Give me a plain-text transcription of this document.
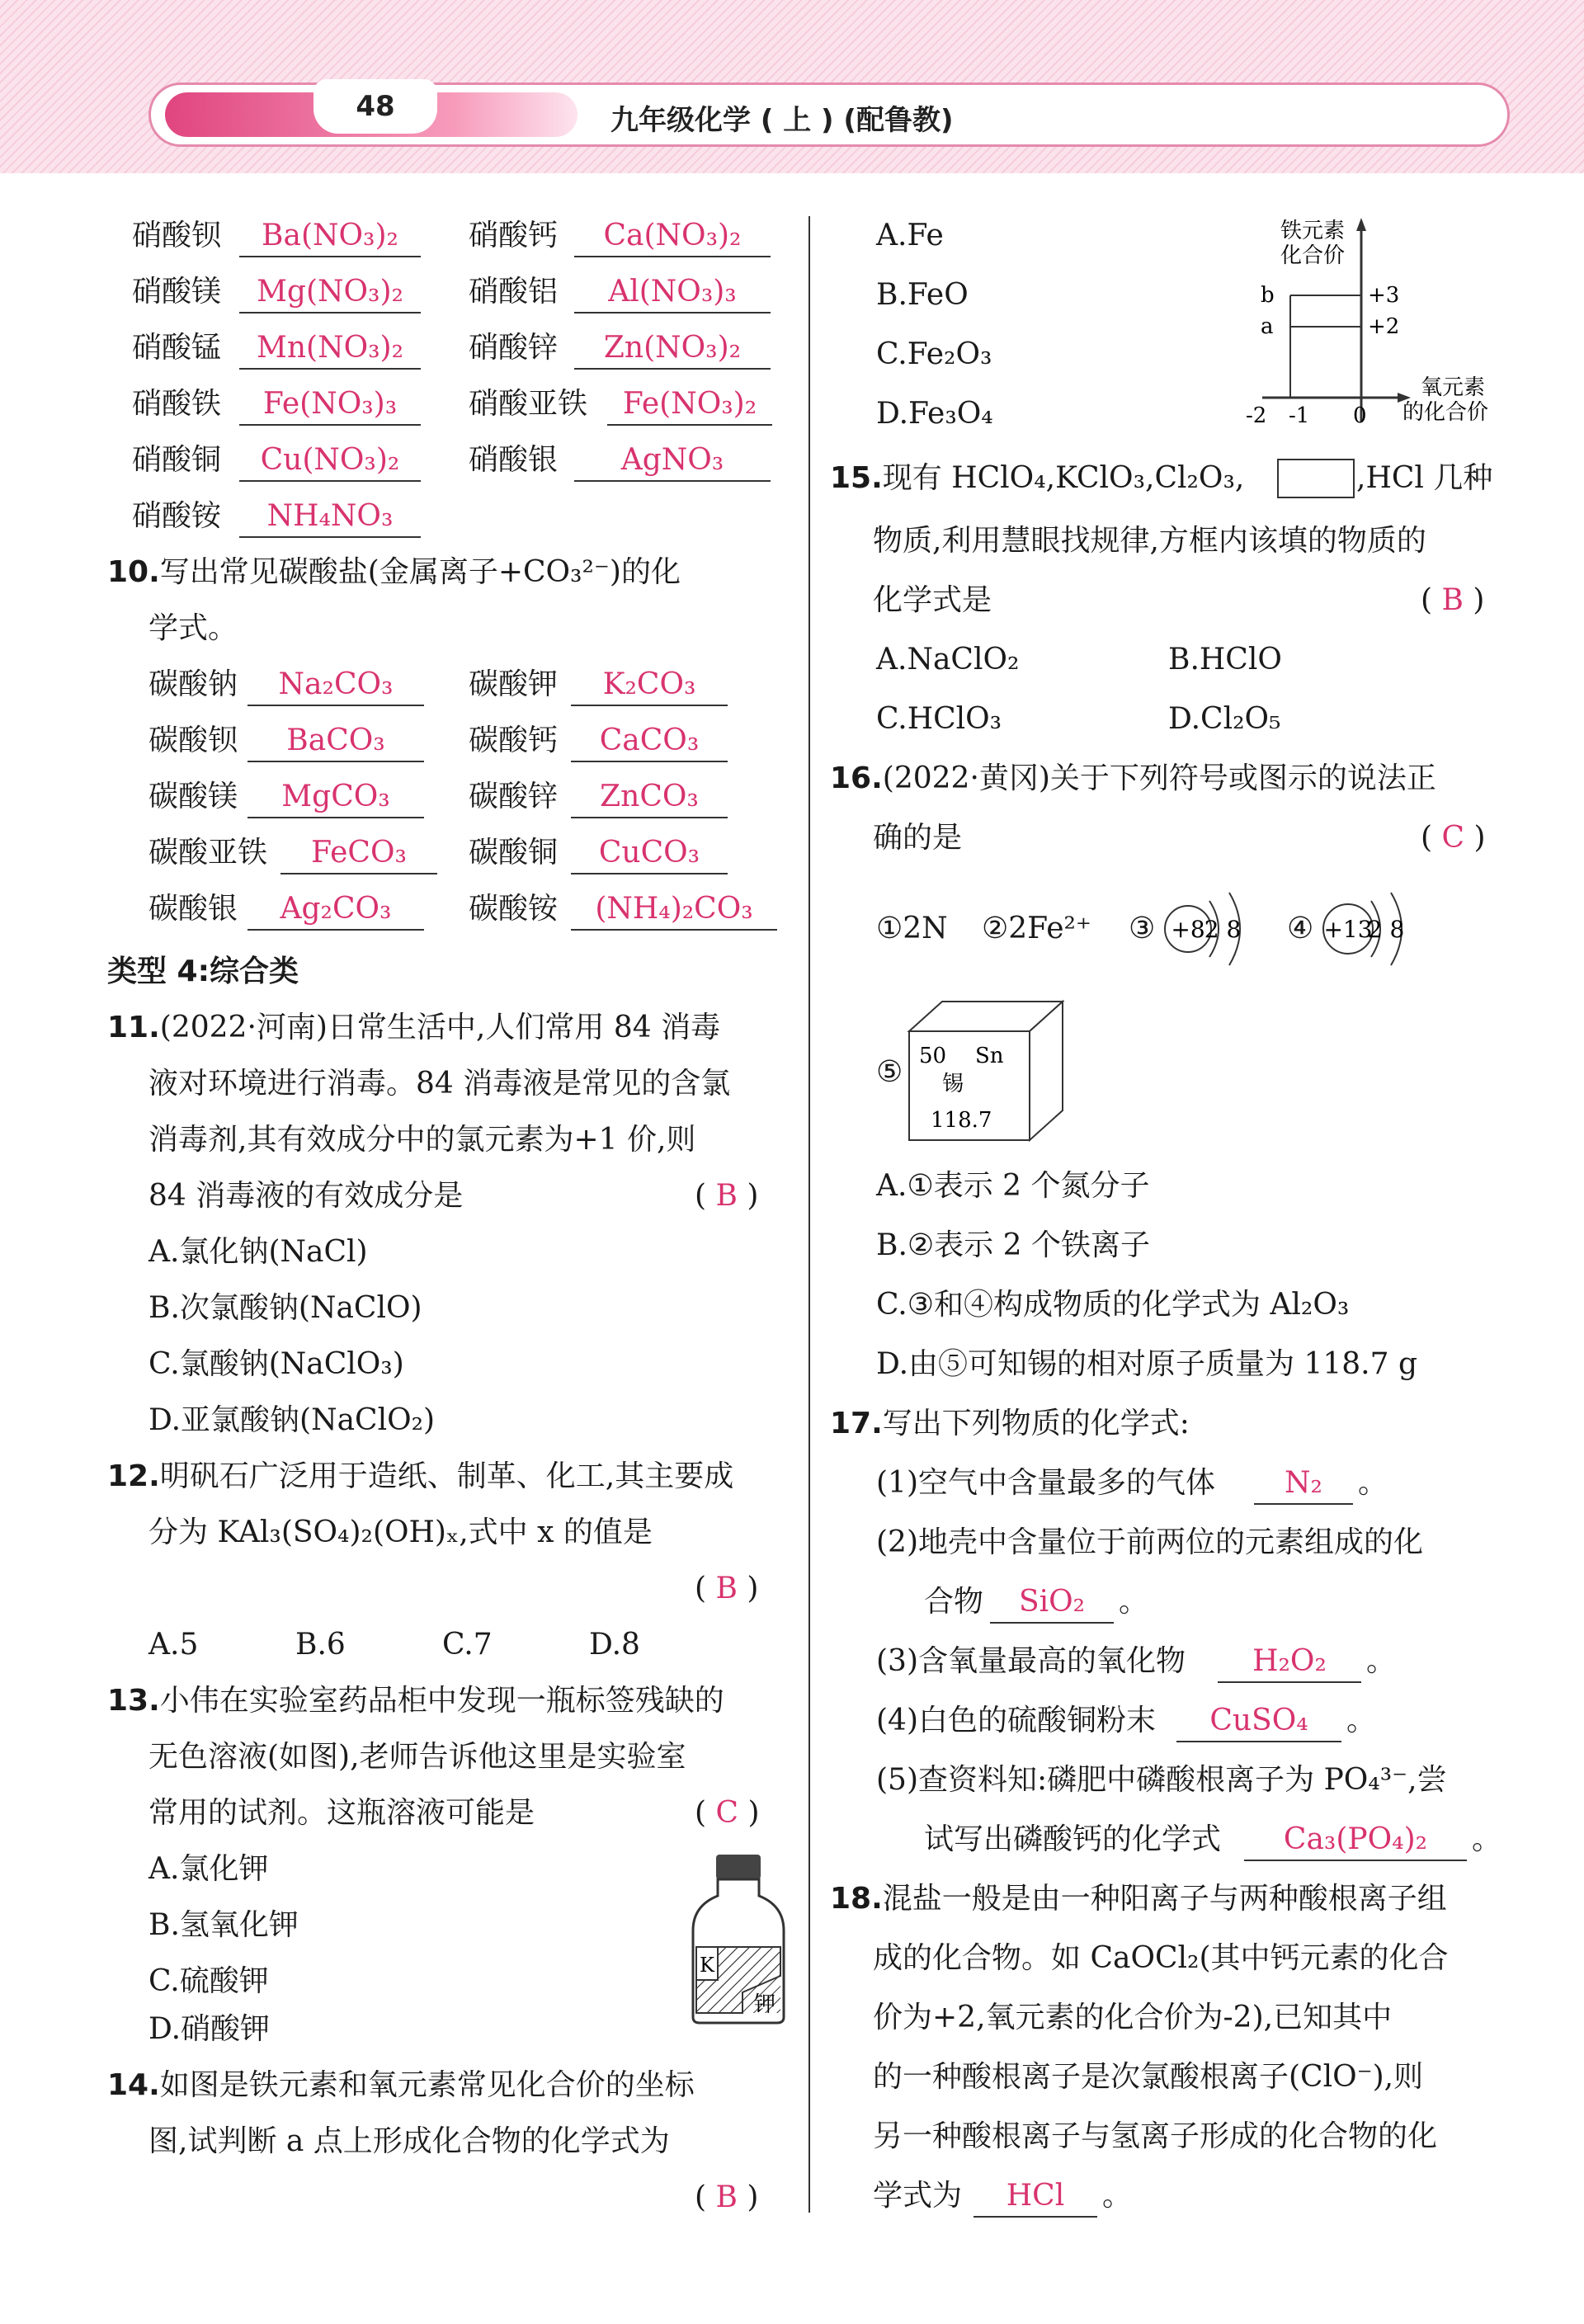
48	九年级化学 ( 上 ) (配鲁教)
硝酸钡	Ba(NO₃)₂	硝酸钙	Ca(NO₃)₂
硝酸镁	Mg(NO₃)₂	硝酸铝	Al(NO₃)₃
硝酸锰	Mn(NO₃)₂	硝酸锌	Zn(NO₃)₂
硝酸铁	Fe(NO₃)₃	硝酸亚铁	Fe(NO₃)₂
硝酸铜	Cu(NO₃)₂	硝酸银	AgNO₃
硝酸铵	NH₄NO₃
10.写出常见碳酸盐(金属离子+CO₃²⁻)的化
学式。
碳酸钠	Na₂CO₃	碳酸钾	K₂CO₃
碳酸钡	BaCO₃	碳酸钙	CaCO₃
碳酸镁	MgCO₃	碳酸锌	ZnCO₃
碳酸亚铁	FeCO₃	碳酸铜	CuCO₃
碳酸银	Ag₂CO₃	碳酸铵	(NH₄)₂CO₃
类型 4:综合类
11.(2022·河南)日常生活中,人们常用 84 消毒
液对环境进行消毒。84 消毒液是常见的含氯
消毒剂,其有效成分中的氯元素为+1 价,则
84 消毒液的有效成分是	( B )
A.氯化钠(NaCl)
B.次氯酸钠(NaClO)
C.氯酸钠(NaClO₃)
D.亚氯酸钠(NaClO₂)
12.明矾石广泛用于造纸、制革、化工,其主要成
分为 KAl₃(SO₄)₂(OH)ₓ,式中 x 的值是
( B )
A.5	B.6	C.7	D.8
13.小伟在实验室药品柜中发现一瓶标签残缺的
无色溶液(如图),老师告诉他这里是实验室
常用的试剂。这瓶溶液可能是	( C )
A.氯化钾
B.氢氧化钾
C.硫酸钾
D.硝酸钾
K
钾
14.如图是铁元素和氧元素常见化合价的坐标
图,试判断 a 点上形成化合物的化学式为
( B )
A.Fe
B.FeO
C.Fe₂O₃
D.Fe₃O₄
铁元素
化合价
b
a
+3
+2
-2 -1 0
氧元素
的化合价
15.现有 HClO₄,KClO₃,Cl₂O₃,	,HCl 几种
物质,利用慧眼找规律,方框内该填的物质的
化学式是	( B )
A.NaClO₂	B.HClO
C.HClO₃	D.Cl₂O₅
16.(2022·黄冈)关于下列符号或图示的说法正
确的是	( C )
①2N ②2Fe²⁺ ③ +8 2 8 ④ +13
2 8
⑤ 50 Sn
锡
118.7
A.①表示 2 个氮分子
B.②表示 2 个铁离子
C.③和④构成物质的化学式为 Al₂O₃
D.由⑤可知锡的相对原子质量为 118.7 g
17.写出下列物质的化学式:
(1)空气中含量最多的气体	N₂	。
(2)地壳中含量位于前两位的元素组成的化
合物	SiO₂	。
(3)含氧量最高的氧化物	H₂O₂	。
(4)白色的硫酸铜粉末	CuSO₄	。
(5)查资料知:磷肥中磷酸根离子为 PO₄³⁻,尝
试写出磷酸钙的化学式	Ca₃(PO₄)₂	。
18.混盐一般是由一种阳离子与两种酸根离子组
成的化合物。如 CaOCl₂(其中钙元素的化合
价为+2,氧元素的化合价为-2),已知其中
的一种酸根离子是次氯酸根离子(ClO⁻),则
另一种酸根离子与氢离子形成的化合物的化
学式为	HCl	。
